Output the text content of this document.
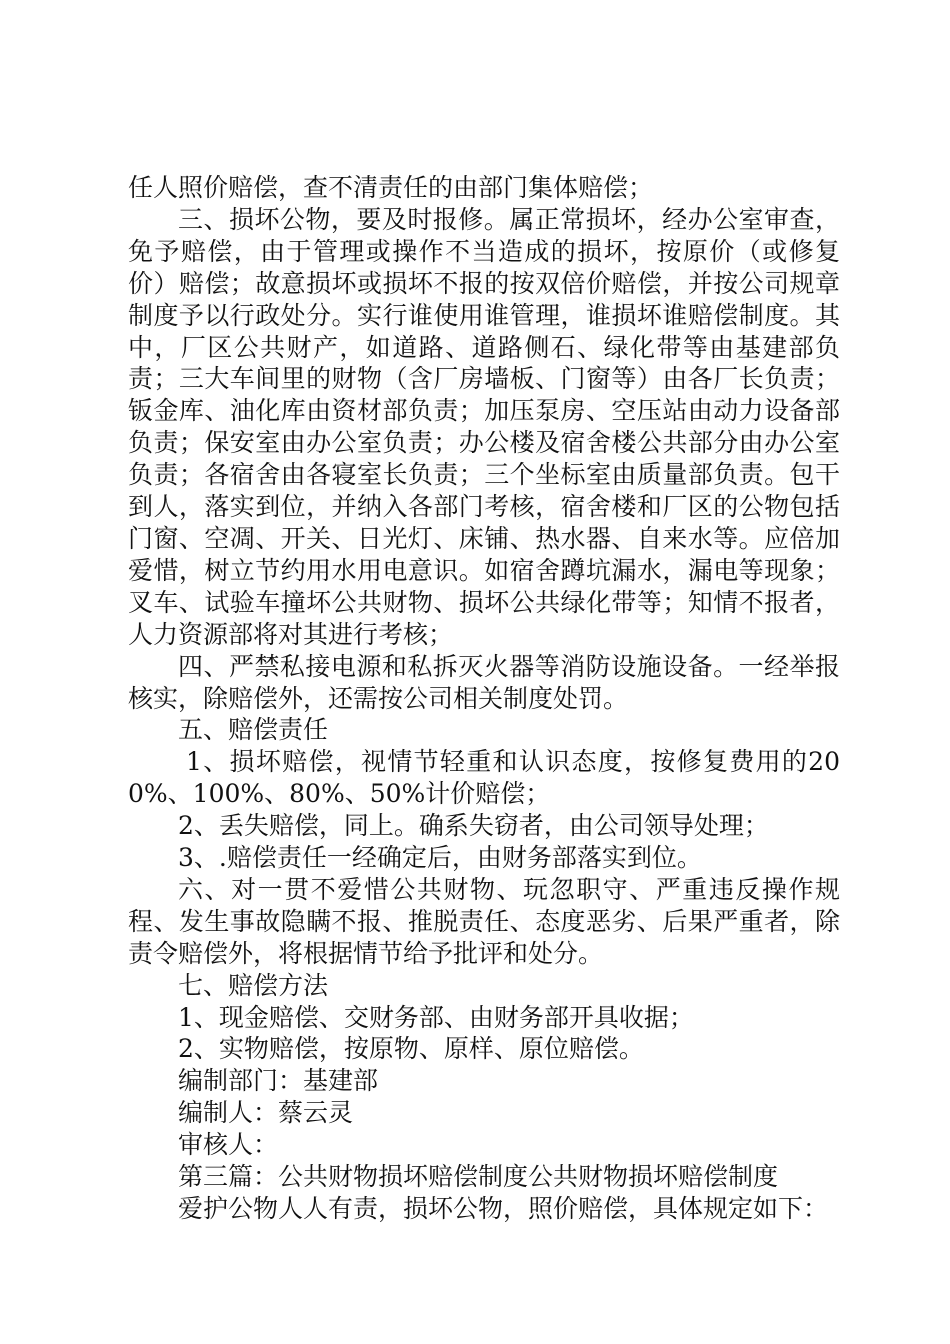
任人照价赔偿，查不清责任的由部门集体赔偿；

三、损坏公物，要及时报修。属正常损坏，经办公室审查，免予赔偿，由于管理或操作不当造成的损坏，按原价（或修复价）赔偿；故意损坏或损坏不报的按双倍价赔偿，并按公司规章制度予以行政处分。实行谁使用谁管理，谁损坏谁赔偿制度。其中，厂区公共财产，如道路、道路侧石、绿化带等由基建部负责；三大车间里的财物（含厂房墙板、门窗等）由各厂长负责；钣金库、油化库由资材部负责；加压泵房、空压站由动力设备部负责；保安室由办公室负责；办公楼及宿舍楼公共部分由办公室负责；各宿舍由各寝室长负责；三个坐标室由质量部负责。包干到人，落实到位，并纳入各部门考核，宿舍楼和厂区的公物包括门窗、空凋、开关、日光灯、床铺、热水器、自来水等。应倍加爱惜，树立节约用水用电意识。如宿舍蹲坑漏水，漏电等现象；叉车、试验车撞坏公共财物、损坏公共绿化带等；知情不报者，人力资源部将对其进行考核；

四、严禁私接电源和私拆灭火器等消防设施设备。一经举报核实，除赔偿外，还需按公司相关制度处罚。

五、赔偿责任

1、损坏赔偿，视情节轻重和认识态度，按修复费用的200%、100%、80%、50%计价赔偿；

2、丢失赔偿，同上。确系失窃者，由公司领导处理；

3、.赔偿责任一经确定后，由财务部落实到位。

六、对一贯不爱惜公共财物、玩忽职守、严重违反操作规程、发生事故隐瞒不报、推脱责任、态度恶劣、后果严重者，除责令赔偿外，将根据情节给予批评和处分。

七、赔偿方法

1、现金赔偿、交财务部、由财务部开具收据；

2、实物赔偿，按原物、原样、原位赔偿。

编制部门：基建部

编制人：蔡云灵

审核人：

第三篇：公共财物损坏赔偿制度公共财物损坏赔偿制度

爱护公物人人有责，损坏公物，照价赔偿，具体规定如下：
